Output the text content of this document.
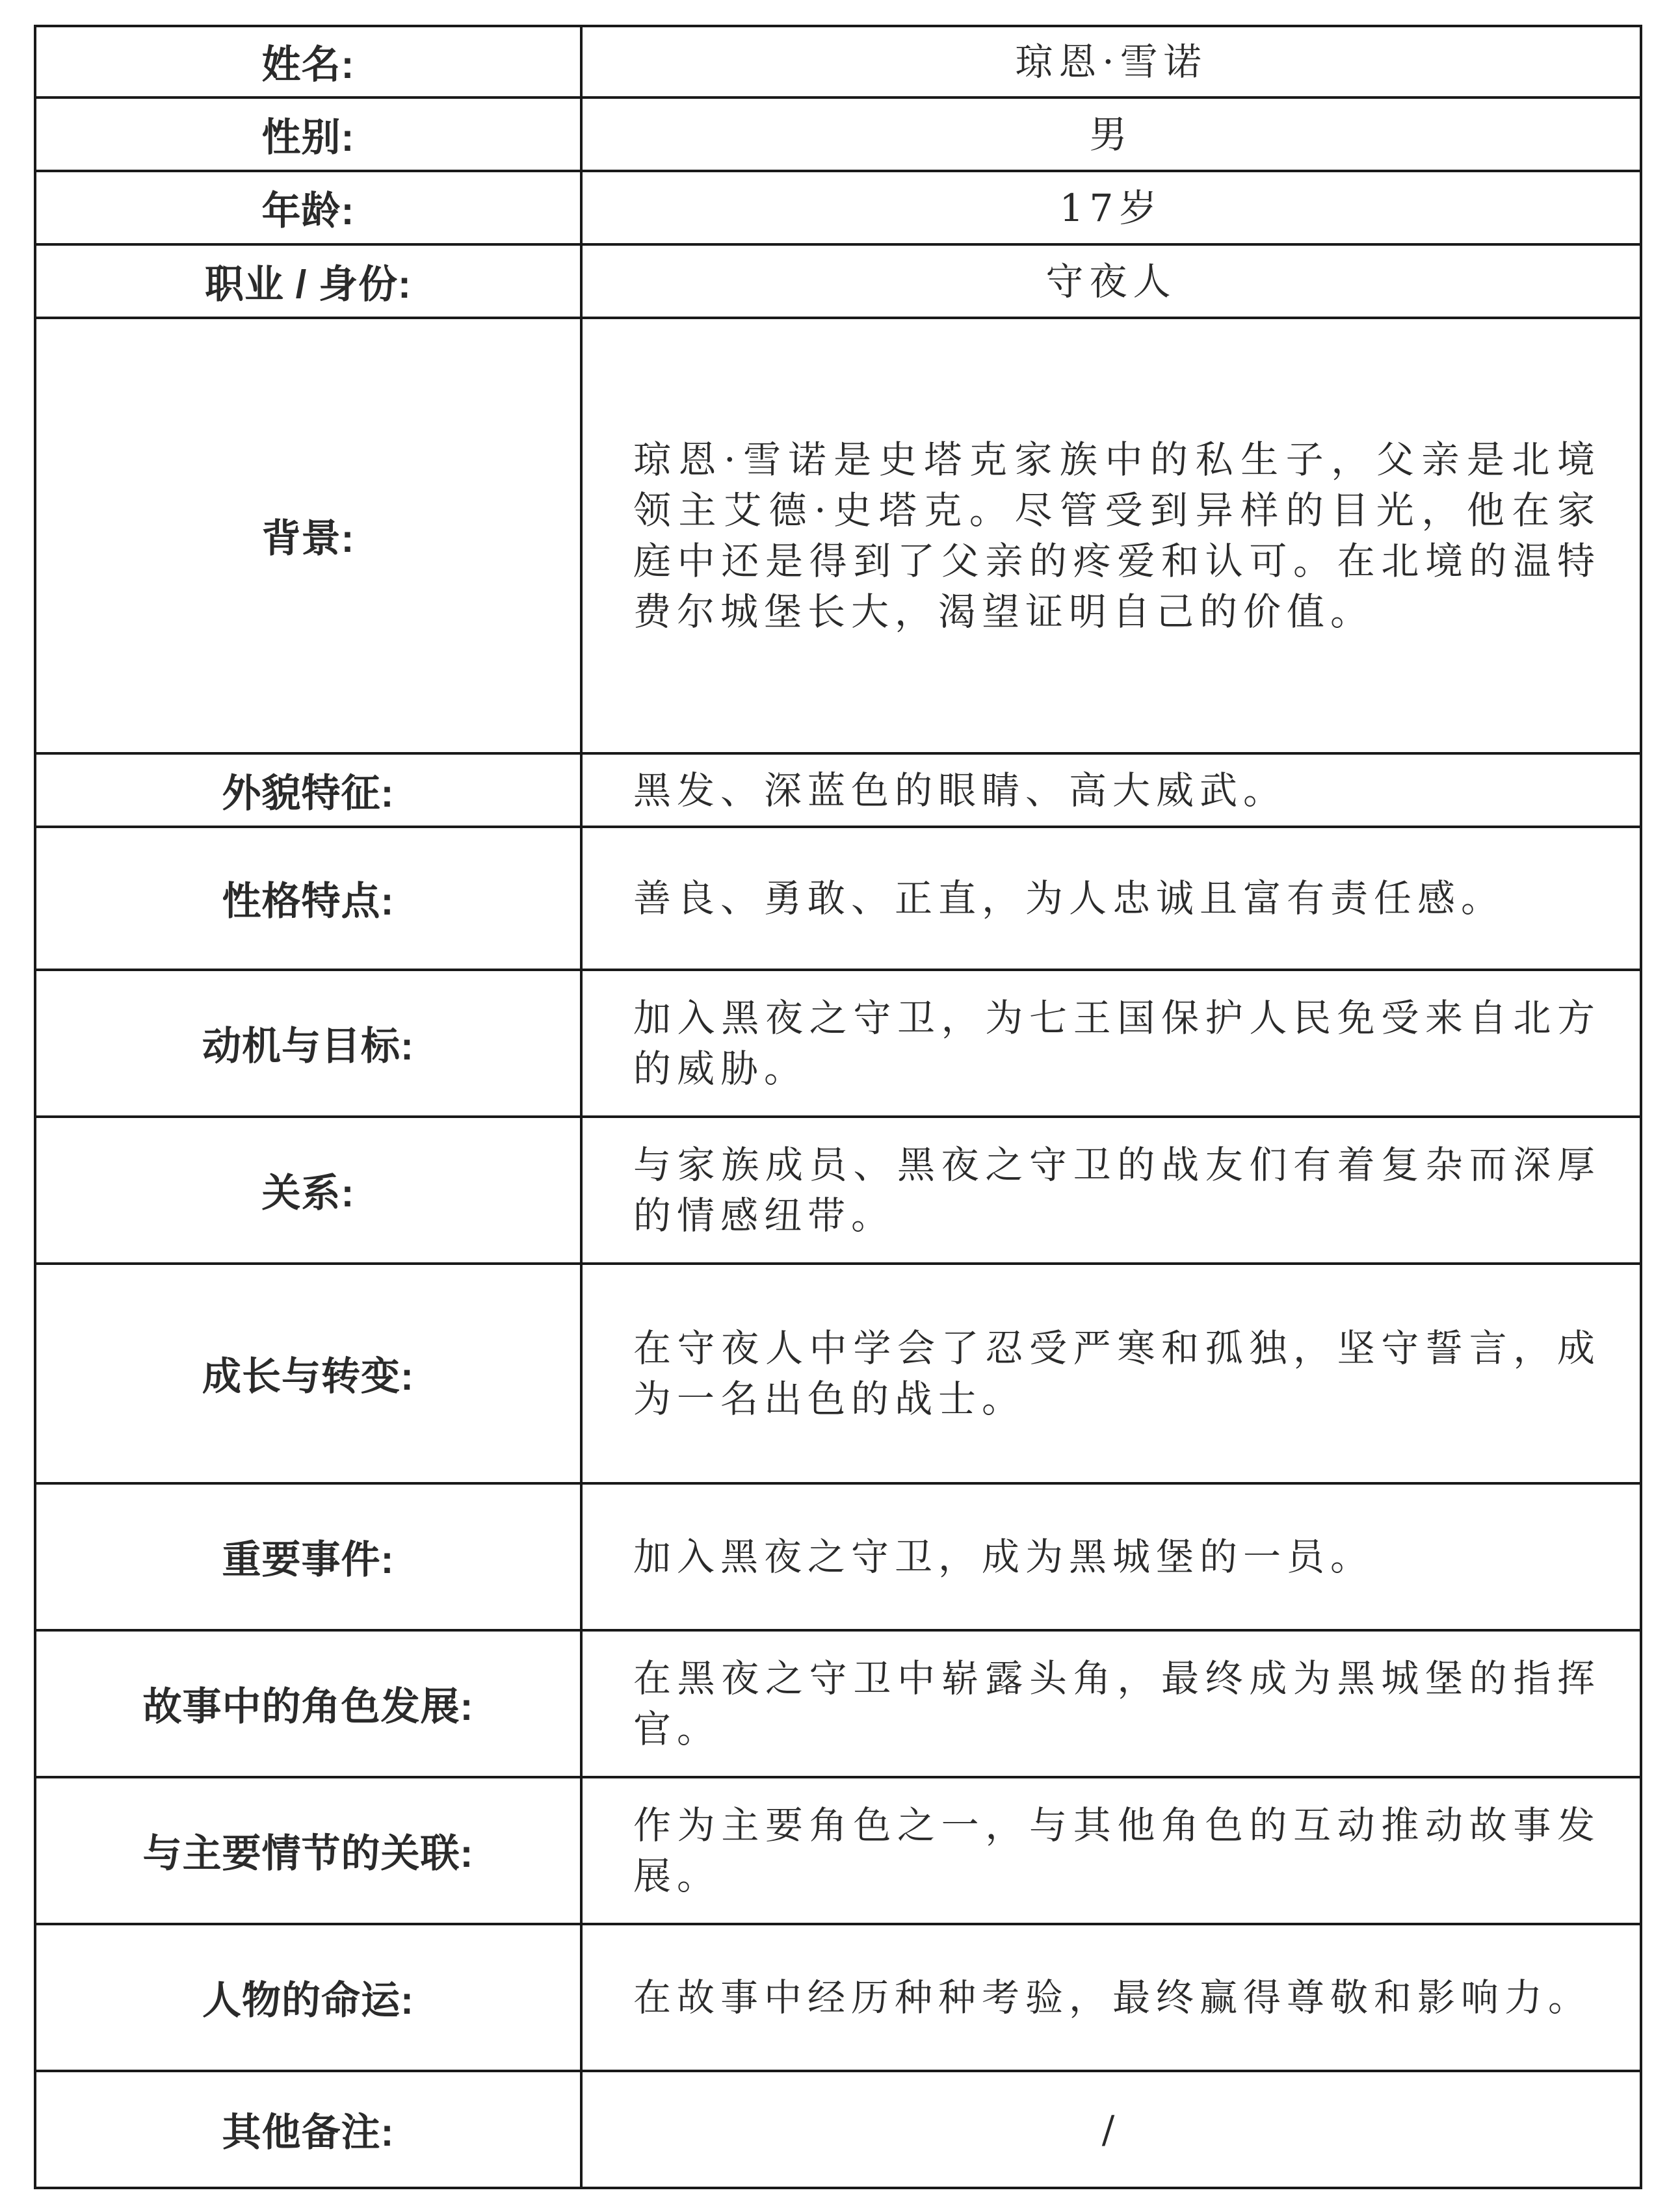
姓名:	琼恩·雪诺
性别:	男
年龄:	17岁
职业 / 身份:	守夜人
背景:	琼恩·雪诺是史塔克家族中的私生子，父亲是北境领主艾德·史塔克。尽管受到异样的目光，他在家庭中还是得到了父亲的疼爱和认可。在北境的温特费尔城堡长大，渴望证明自己的价值。

外貌特征:	黑发、深蓝色的眼睛、高大威武。

性格特点:	善良、勇敢、正直，为人忠诚且富有责任感。

动机与目标:	加入黑夜之守卫，为七王国保护人民免受来自北方的威胁。

关系:	与家族成员、黑夜之守卫的战友们有着复杂而深厚的情感纽带。

成长与转变:	在守夜人中学会了忍受严寒和孤独，坚守誓言，成为一名出色的战士。

重要事件:	加入黑夜之守卫，成为黑城堡的一员。

故事中的角色发展:	在黑夜之守卫中崭露头角，最终成为黑城堡的指挥官。

与主要情节的关联:	作为主要角色之一，与其他角色的互动推动故事发展。

人物的命运:	在故事中经历种种考验，最终赢得尊敬和影响力。

其他备注:	/
